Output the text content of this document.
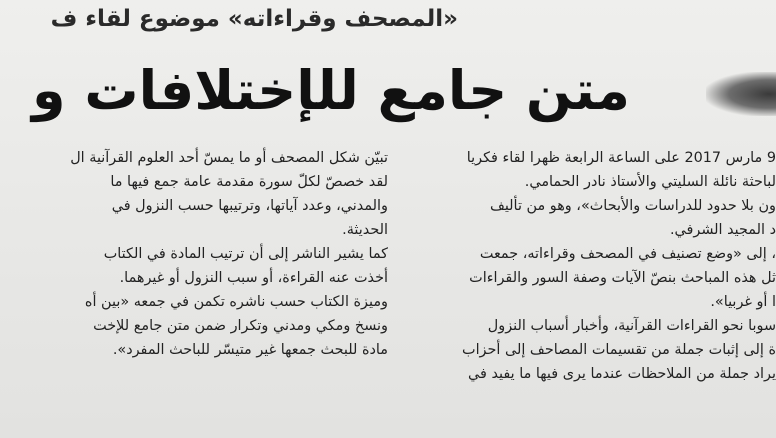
«المصحف وقراءاته» موضوع لقاء ف
متن جامع للإختلافات و
تبيّن شكل المصحف أو ما يمسّ أحد العلوم القرآنية ال
لقد خصصّ لكلّ سورة مقدمة عامة جمع فيها ما
والمدني، وعدد آياتها، وترتيبها حسب النزول في
الحديثة.
كما يشير الناشر إلى أن ترتيب المادة في الكتاب
أخذت عنه القراءة، أو سبب النزول أو غيرهما.
وميزة الكتاب حسب ناشره تكمن في جمعه «بين أه
ونسخ ومكي ومدني وتكرار ضمن متن جامع للإخت
مادة للبحث جمعها غير متيسّر للباحث المفرد».
9 مارس 2017 على الساعة الرابعة ظهرا لقاء فكريا
لباحثة نائلة السليتي والأستاذ نادر الحمامي.
ون بلا حدود للدراسات والأبحاث»، وهو من تأليف
د المجيد الشرفي.
، إلى «وضع تصنيف في المصحف وقراءاته، جمعت
ثل هذه المباحث بنصّ الآيات وصفة السور والقراءات
ا أو غربيا».
سوبا نحو القراءات القرآنية، وأخبار أسباب النزول
ة إلى إثبات جملة من تقسيمات المصاحف إلى أحزاب
يراد جملة من الملاحظات عندما يرى فيها ما يفيد في
